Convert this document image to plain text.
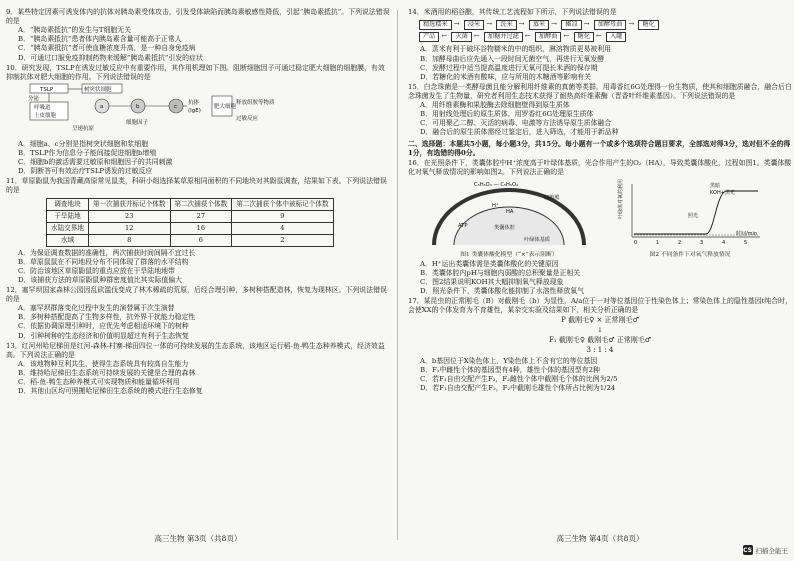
9．某些特定因素可诱发体内的抗体对胰岛素受体攻击，引发受体缺陷而胰岛素敏感性降低，引起“胰岛素抵抗”。下列说法错误的是
A．“胰岛素抵抗”的发生与T细胞无关
B．“胰岛素抵抗”患者体内胰岛素含量可能高于正常人
C．“胰岛素抵抗”者可使血糖浓度升高，是一种自身免疫病
D．可通过口服免疫抑制药物来缓解“胰岛素抵抗”引发的症状
10．研究发现，TSLP在诱发过敏反应中有重要作用，其作用机理如下图。阻断细胞因子可通过稳定肥大细胞的细胞膜，有效抑制抗体对肥大细胞的作用。下列说法错误的是
TSLP
分泌
呼吸道
上皮细胞
树突状细胞
a
呈递抗原
b
细胞因子
c
抗体
(IgE)
肥大细胞
释放组胺等物质
过敏反应
A．细胞a、c分别是指树突状细胞和浆细胞
B．TSLP作为信息分子能间接促进细胞b增殖
C．细胞b的激活需要过敏原和细胞因子的共同刺激
D．阴断答可有效治疗TSLP诱发的过敏反应
11．草原鼢鼠为我国青藏高原常见鼠类，科研小组选择某草原相同面积的不同地块对其鼢鼠调查，结果如下表。下列说法错误的是
调查地块	第一次捕获并标记个体数	第二次捕获个体数	第二次捕获个体中被标记个体数
干旱陆地	23	27	9
水陆交界地	12	16	4
水域	8	6	2
A．为保证调查数据的准确性，两次捕获时间间隔不宜过长
B．草原鼠鼠在不同地段分布不同体现了群落的水平结构
C．防治该地区草原鼢鼠的重点应放在干旱陆地地带
D．该捕获方法的草原鼢鼠种群密度值比其实际值偏大
12．塞罕坝国家森林公园因乱砍滥伐变成了林木稀疏的荒原，后经合理引种，多树种搭配造林，恢复为现林区。下列说法错误的是
A．塞罕坝群落变化过程中发生的演替属于次生演替
B．多树种搭配提高了生物多样性，抗外界干扰能力稳定性
C．依据协调原理引种时，应优先考虑相适环境下的树种
D．引种树种的生态经济和价值明显超过有利于生态恢复
13．红河州哈尼梯田是红河-森林-村寨-梯田四位一体的可持续发展的生态系统，该地区运行稻-鱼-鸭生态种养模式，经济效益高。下列说法正确的是
A．该地物种互利共生，使得生态系统具有较高自生能力
B．维持哈尼梯田生态系统可持续发展的关键是合理的森林
C．稻-鱼-鸭生态种养模式可实现物质和能量循环利用
D．其他山区均可照搬哈尼梯田生态系统的模式进行生态修复
高三生物 第3页（共8页）
14．米酒用的稻谷酿，其传统工艺流程如下所示，下列说法错误的是
精选糯米 → 浸米 → 洗米 → 蒸米 → 摊凉 → 加酵母曲 → 糖化
产品 ← 灭菌 ← 加糖并过滤 ← 加酵曲 ← 糖化 ← 入罐
A．蒸米有利于破坏谷物糯米的中的组织，淋溶物质更易被利用
B．加酵母曲后应先通入一段时间无菌空气，再进行无氧发酵
C．发酵过程中适当提高温度进行无氧可提长米酒的保存期
D．若糖化的米酒有酸味，应与所用的木糖酒等影响有关
15．白念珠菌是一类酵母菌且能分解利用纤维素的真菌等类群，用毒香红6G处理得一份生物质，使其和细胞质融合，融合后白念珠菌发生了生物量，研究者利用生态技术获得了耐热高纤维素酶（晋香叶纤维素基因）。下列说法错误的是
A．用纤维素酶和果胶酶去除细胞壁得到原生质体
B．用射线处理后的原生质体，用罗香红6G处理原生质体
C．可用聚乙二醇、灭活的病毒、电激等方法诱导原生质体融合
D．融合后的原生质体需经过鉴定后，进入筛选，才能用于新品种
二、选择题：本题共5小题，每小题3分，共15分。每小题有一个或多个选项符合题目要求，全部选对得3分，选对但不全的得1分，有选错的得0分。
16．在光照条件下，类囊体腔中H⁺浓度高于叶绿体基质，光合作用产生的O₂（HA），导致类囊体酸化，过程如图1。类囊体酸化对氧气释放情况的影响如图2。下列说法正确的是
C₅H₅O₄ — C₅H₅O₄
细胞膜
类囊体腔
叶绿体基质
ATP
H⁺
HA
图1 类囊体酸化模型（“×”表示阻断）
叶绿体对氧的利用速率
0	1	2	3	4	5
时间/min
黑暗
KOH+黑光
照光
图2 不同条件下对氧气释放情况
A．H⁺运出类囊体需是类囊体酸化的关键原因
B．类囊体腔内pH与细胞内弱酸的总积聚量是正相关
C．图2结果说明KOH其大幅抑制氧气释放现象
D．照光条件下，类囊体酸化能抑制了水溶性释放氧气
17．某昆虫的正常刚毛（B）对截刚毛（b）为显性，A/a位于一对等位基因位于性染色体上；常染色体上的隐性基因t纯合时，会使XX的个体发育为不育雄性，某杂交实验及结果如下，相关分析正确的是
P 截刚毛♀ × 正常刚毛♂
↓
F₁ 截刚毛♀ 截刚毛♂ 正常刚毛♂
3 : 1 : 4
A．b基因位于X染色体上，Y染色体上不含有它的等位基因
B．F₁中雌性个体的基因型有4种，雄性个体的基因型有2种
C．若F₁自由交配产生F₂，F₂雌性个体中截刚毛个体的比例为2/5
D．若F₁自由交配产生F₂，F₂中截刚毛雄性个体所占比例为1/24
高三生物 第4页（共8页）
CS 扫描全能王
